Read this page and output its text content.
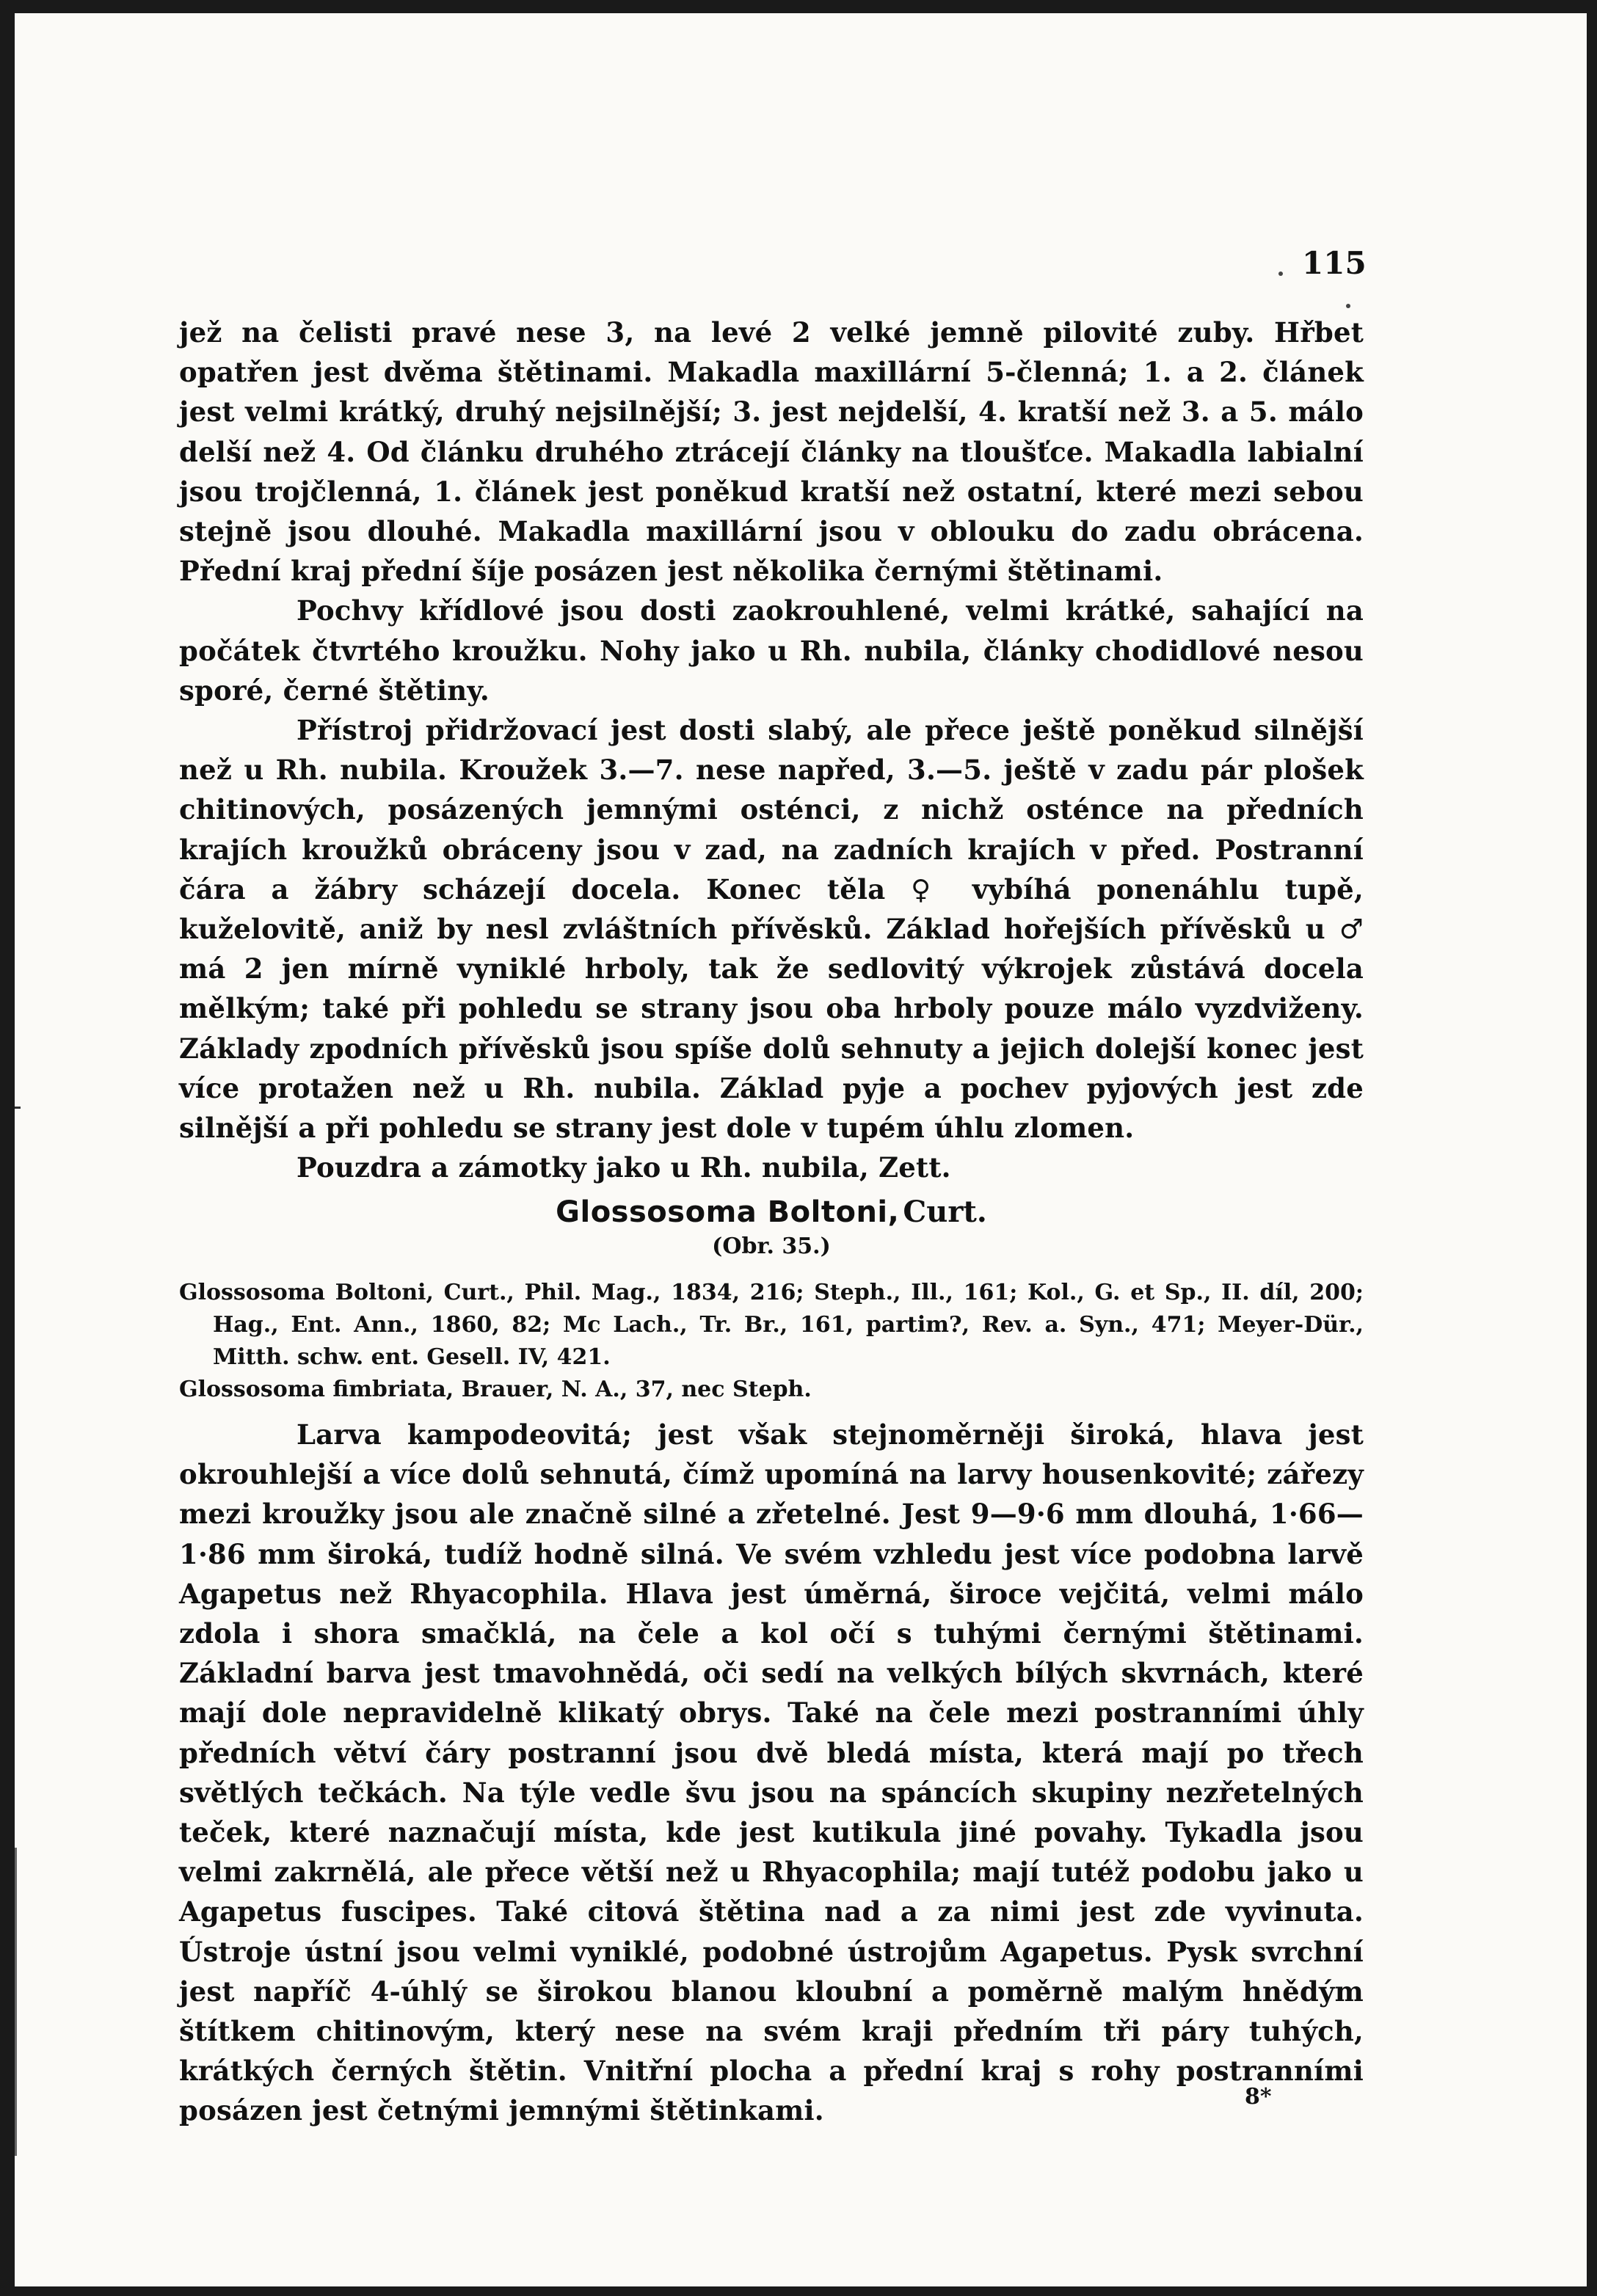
115

jež na čelisti pravé nese 3, na levé 2 velké jemně pilovité zuby. Hřbet opatřen jest dvěma štětinami. Makadla maxillární 5-členná; 1. a 2. článek jest velmi krátký, druhý nejsilnější; 3. jest nejdelší, 4. kratší než 3. a 5. málo delší než 4. Od článku druhého ztrácejí články na tloušťce. Makadla labialní jsou trojčlenná, 1. článek jest poněkud kratší než ostatní, které mezi sebou stejně jsou dlouhé. Makadla maxillární jsou v oblouku do zadu obrácena. Přední kraj přední šíje posázen jest několika černými štětinami.

Pochvy křídlové jsou dosti zaokrouhlené, velmi krátké, sahající na počátek čtvrtého kroužku. Nohy jako u Rh. nubila, články chodidlové nesou sporé, černé štětiny.

Přístroj přidržovací jest dosti slabý, ale přece ještě poněkud silnější než u Rh. nubila. Kroužek 3.—7. nese napřed, 3.—5. ještě v zadu pár plošek chitinových, posázených jemnými osténci, z nichž osténce na předních krajích kroužků obráceny jsou v zad, na zadních krajích v před. Postranní čára a žábry scházejí docela. Konec těla ♀ vybíhá ponenáhlu tupě, kuželovitě, aniž by nesl zvláštních přívěsků. Základ hořejších přívěsků u ♂ má 2 jen mírně vyniklé hrboly, tak že sedlovitý výkrojek zůstává docela mělkým; také při pohledu se strany jsou oba hrboly pouze málo vyzdviženy. Základy zpodních přívěsků jsou spíše dolů sehnuty a jejich dolejší konec jest více protažen než u Rh. nubila. Základ pyje a pochev pyjových jest zde silnější a při pohledu se strany jest dole v tupém úhlu zlomen.

Pouzdra a zámotky jako u Rh. nubila, Zett.

Glossosoma Boltoni, Curt.
(Obr. 35.)
Glossosoma Boltoni, Curt., Phil. Mag., 1834, 216; Steph., Ill., 161; Kol., G. et Sp., II. díl, 200; Hag., Ent. Ann., 1860, 82; Mc Lach., Tr. Br., 161, partim?, Rev. a. Syn., 471; Meyer-Dür., Mitth. schw. ent. Gesell. IV, 421.
Glossosoma fimbriata, Brauer, N. A., 37, nec Steph.

Larva kampodeovitá; jest však stejnoměrněji široká, hlava jest okrouhlejší a více dolů sehnutá, čímž upomíná na larvy housenkovité; zářezy mezi kroužky jsou ale značně silné a zřetelné. Jest 9—9·6 mm dlouhá, 1·66—1·86 mm široká, tudíž hodně silná. Ve svém vzhledu jest více podobna larvě Agapetus než Rhyacophila. Hlava jest úměrná, široce vejčitá, velmi málo zdola i shora smačklá, na čele a kol očí s tuhými černými štětinami. Základní barva jest tmavohnědá, oči sedí na velkých bílých skvrnách, které mají dole nepravidelně klikatý obrys. Také na čele mezi postranními úhly předních větví čáry postranní jsou dvě bledá místa, která mají po třech světlých tečkách. Na týle vedle švu jsou na spáncích skupiny nezřetelných teček, které naznačují místa, kde jest kutikula jiné povahy. Tykadla jsou velmi zakrnělá, ale přece větší než u Rhyacophila; mají tutéž podobu jako u Agapetus fuscipes. Také citová štětina nad a za nimi jest zde vyvinuta. Ústroje ústní jsou velmi vyniklé, podobné ústrojům Agapetus. Pysk svrchní jest napříč 4-úhlý se širokou blanou kloubní a poměrně malým hnědým štítkem chitinovým, který nese na svém kraji předním tři páry tuhých, krátkých černých štětin. Vnitřní plocha a přední kraj s rohy postranními posázen jest četnými jemnými štětinkami.	8*
